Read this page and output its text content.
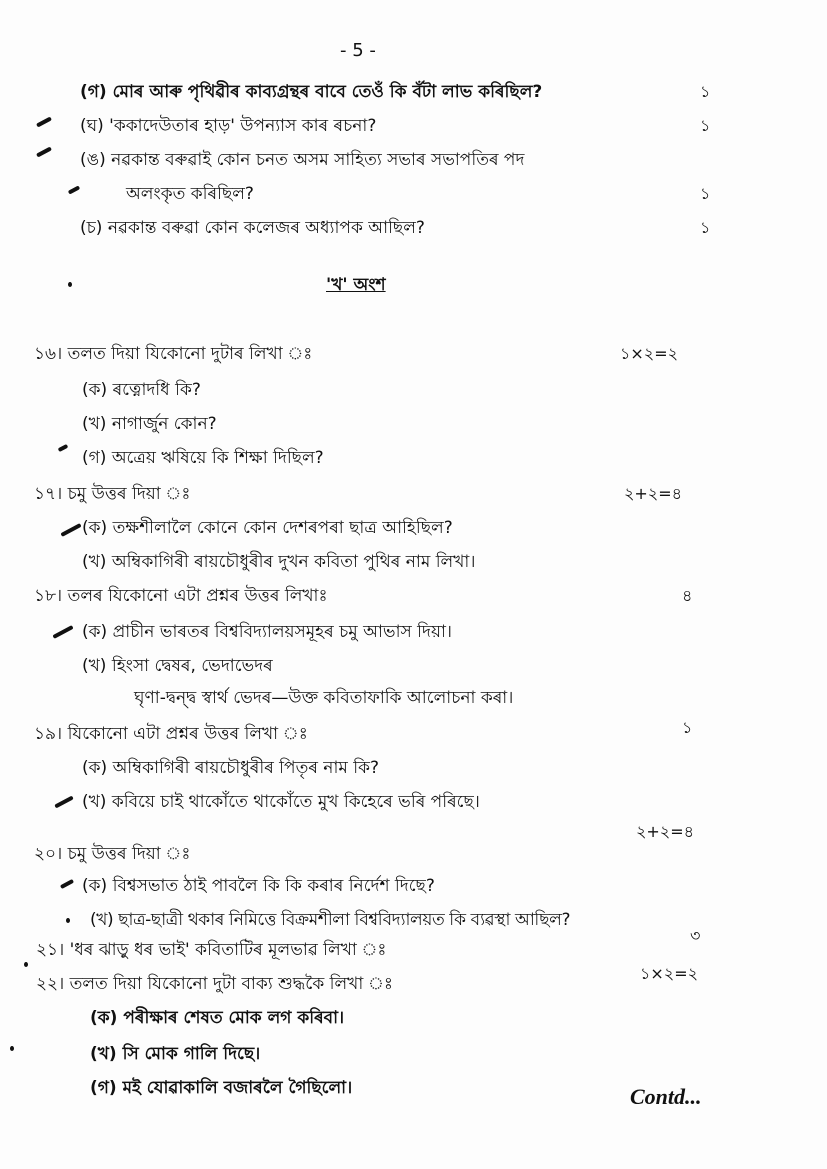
- 5 -
(গ) মোৰ আৰু পৃথিৱীৰ কাব্যগ্ৰন্থৰ বাবে তেওঁ কি বঁটা লাভ কৰিছিল?	১
(ঘ) 'ককাদেউতাৰ হাড়' উপন্যাস কাৰ ৰচনা?	১
(ঙ) নৱকান্ত বৰুৱাই কোন চনত অসম সাহিত্য সভাৰ সভাপতিৰ পদ
অলংকৃত কৰিছিল?	১
(চ) নৱকান্ত বৰুৱা কোন কলেজৰ অধ্যাপক আছিল?	১
'খ' অংশ
১৬। তলত দিয়া যিকোনো দুটাৰ লিখা ঃ	১×২=২
(ক) ৰত্নোদধি কি?
(খ) নাগাৰ্জুন কোন?
(গ) অত্ৰেয় ঋষিয়ে কি শিক্ষা দিছিল?
১৭। চমু উত্তৰ দিয়া ঃ	২+২=৪
(ক) তক্ষশীলালৈ কোনে কোন দেশৰপৰা ছাত্ৰ আহিছিল?
(খ) অম্বিকাগিৰী ৰায়চৌধুৰীৰ দুখন কবিতা পুথিৰ নাম লিখা।
১৮। তলৰ যিকোনো এটা প্ৰশ্নৰ উত্তৰ লিখাঃ	৪
(ক) প্ৰাচীন ভাৰতৰ বিশ্ববিদ্যালয়সমূহৰ চমু আভাস দিয়া।
(খ) হিংসা দ্বেষৰ, ভেদাভেদৰ
ঘৃণা-দ্বন্দ্ব স্বাৰ্থ ভেদৰ—উক্ত কবিতাফাকি আলোচনা কৰা।
১৯। যিকোনো এটা প্ৰশ্নৰ উত্তৰ লিখা ঃ	১
(ক) অম্বিকাগিৰী ৰায়চৌধুৰীৰ পিতৃৰ নাম কি?
(খ) কবিয়ে চাই থাকোঁতে থাকোঁতে মুখ কিহেৰে ভৰি পৰিছে।
২+২=৪
২০। চমু উত্তৰ দিয়া ঃ
(ক) বিশ্বসভাত ঠাই পাবলৈ কি কি কৰাৰ নিৰ্দেশ দিছে?
(খ) ছাত্ৰ-ছাত্ৰী থকাৰ নিমিত্তে বিক্ৰমশীলা বিশ্ববিদ্যালয়ত কি ব্যৱস্থা আছিল?
৩
২১। 'ধৰ ঝাড়ু ধৰ ভাই' কবিতাটিৰ মূলভাৱ লিখা ঃ
২২। তলত দিয়া যিকোনো দুটা বাক্য শুদ্ধকৈ লিখা ঃ
১×২=২
(ক) পৰীক্ষাৰ শেষত মোক লগ কৰিবা।
(খ) সি মোক গালি দিছে।
(গ) মই যোৱাকালি বজাৰলৈ গৈছিলো।	Contd...
